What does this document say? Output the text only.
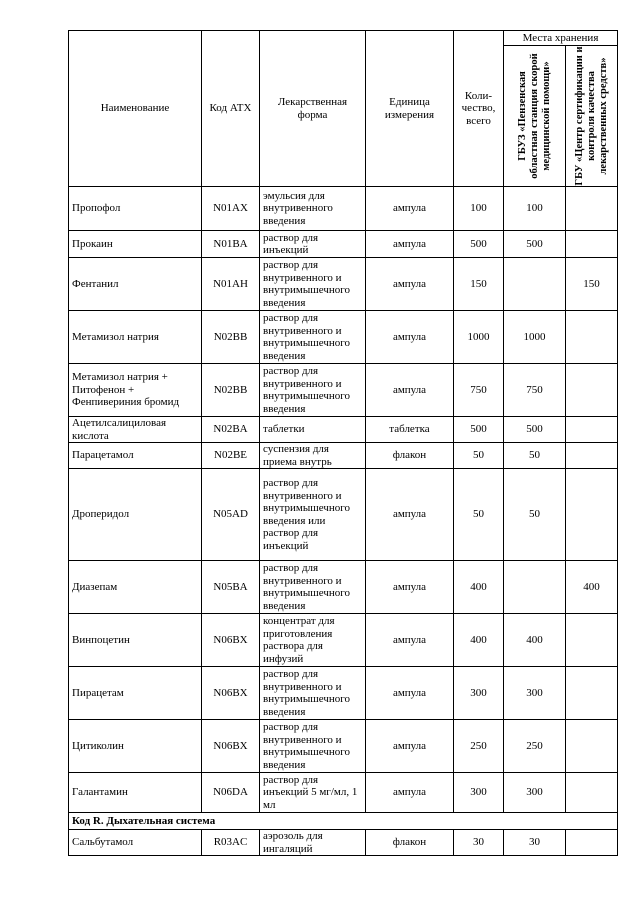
Наименование	Код АТХ	Лекарственная форма	Единица измерения	Коли-чество, всего	Места хранения	

					ГБУЗ «Пензенская областная станция скорой медицинской помощи»	ГБУ «Центр сертификации и контроля качества лекарственных средств»

Пропофол	N01AX	эмульсия для внутривенного введения	ампула	100	100	
Прокаин	N01BA	раствор для инъекций	ампула	500	500	
Фентанил	N01AH	раствор для внутривенного и внутримышечного введения	ампула	150		150
Метамизол натрия	N02BB	раствор для внутривенного и внутримышечного введения	ампула	1000	1000	
Метамизол натрия + Питофенон + Фенпивериния бромид	N02BB	раствор для внутривенного и внутримышечного введения	ампула	750	750	
Ацетилсалициловая кислота	N02BA	таблетки	таблетка	500	500	
Парацетамол	N02BE	суспензия для приема внутрь	флакон	50	50	
Дроперидол	N05AD	раствор для внутривенного и внутримышечного введения или раствор для инъекций	ампула	50	50	
Диазепам	N05BA	раствор для внутривенного и внутримышечного введения	ампула	400		400
Винпоцетин	N06BX	концентрат для приготовления раствора для инфузий	ампула	400	400	
Пирацетам	N06BX	раствор для внутривенного и внутримышечного введения	ампула	300	300	
Цитиколин	N06BX	раствор для внутривенного и внутримышечного введения	ампула	250	250	
Галантамин	N06DA	раствор для инъекций 5 мг/мл, 1 мл	ампула	300	300	
Код R. Дыхательная система						
Сальбутамол	R03AC	аэрозоль для ингаляций	флакон	30	30	
